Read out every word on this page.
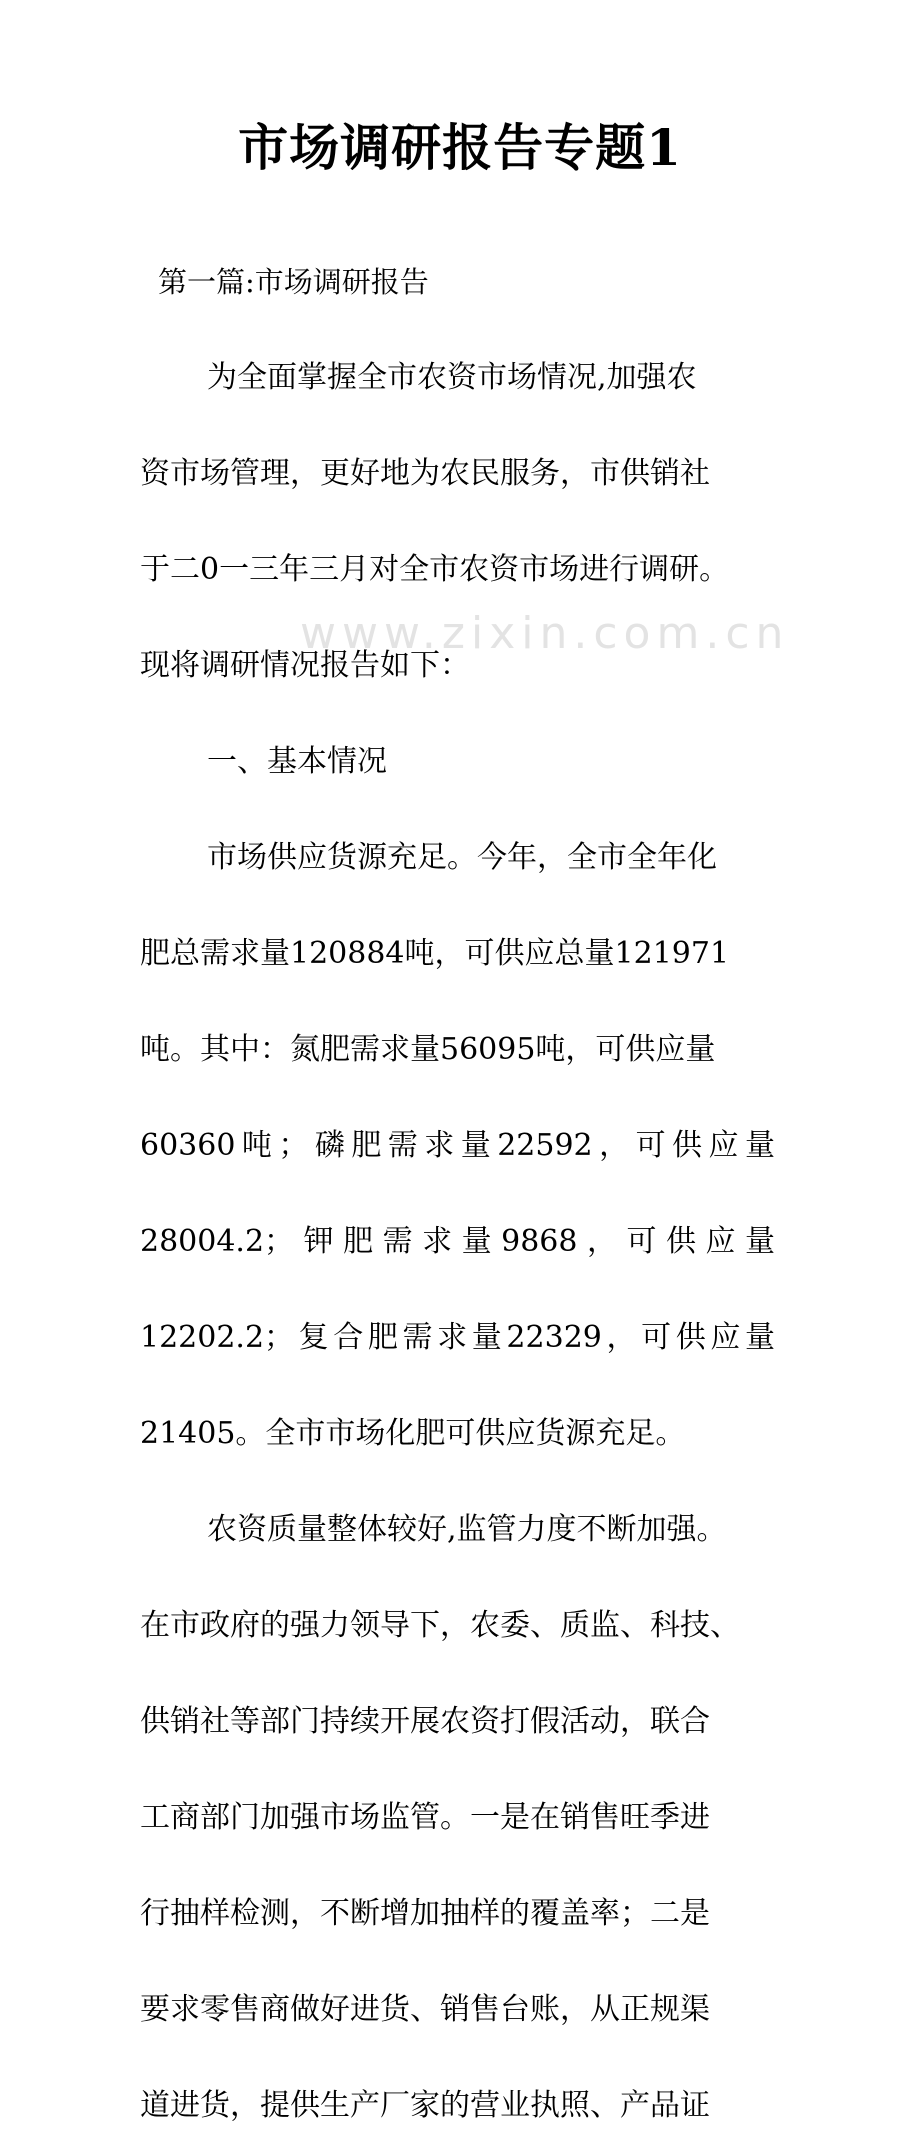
www.zixin.com.cn
市场调研报告专题1
第一篇:市场调研报告
为全面掌握全市农资市场情况,加强农
资市场管理，更好地为农民服务，市供销社
于二0一三年三月对全市农资市场进行调研。
现将调研情况报告如下：
一、基本情况
市场供应货源充足。今年，全市全年化
肥总需求量120884吨，可供应总量121971
吨。其中：氮肥需求量56095吨，可供应量
60360吨；磷肥需求量22592，可供应量
28004.2；钾肥需求量9868，可供应量
12202.2；复合肥需求量22329，可供应量
21405。全市市场化肥可供应货源充足。
农资质量整体较好,监管力度不断加强。
在市政府的强力领导下，农委、质监、科技、
供销社等部门持续开展农资打假活动，联合
工商部门加强市场监管。一是在销售旺季进
行抽样检测，不断增加抽样的覆盖率；二是
要求零售商做好进货、销售台账，从正规渠
道进货，提供生产厂家的营业执照、产品证
